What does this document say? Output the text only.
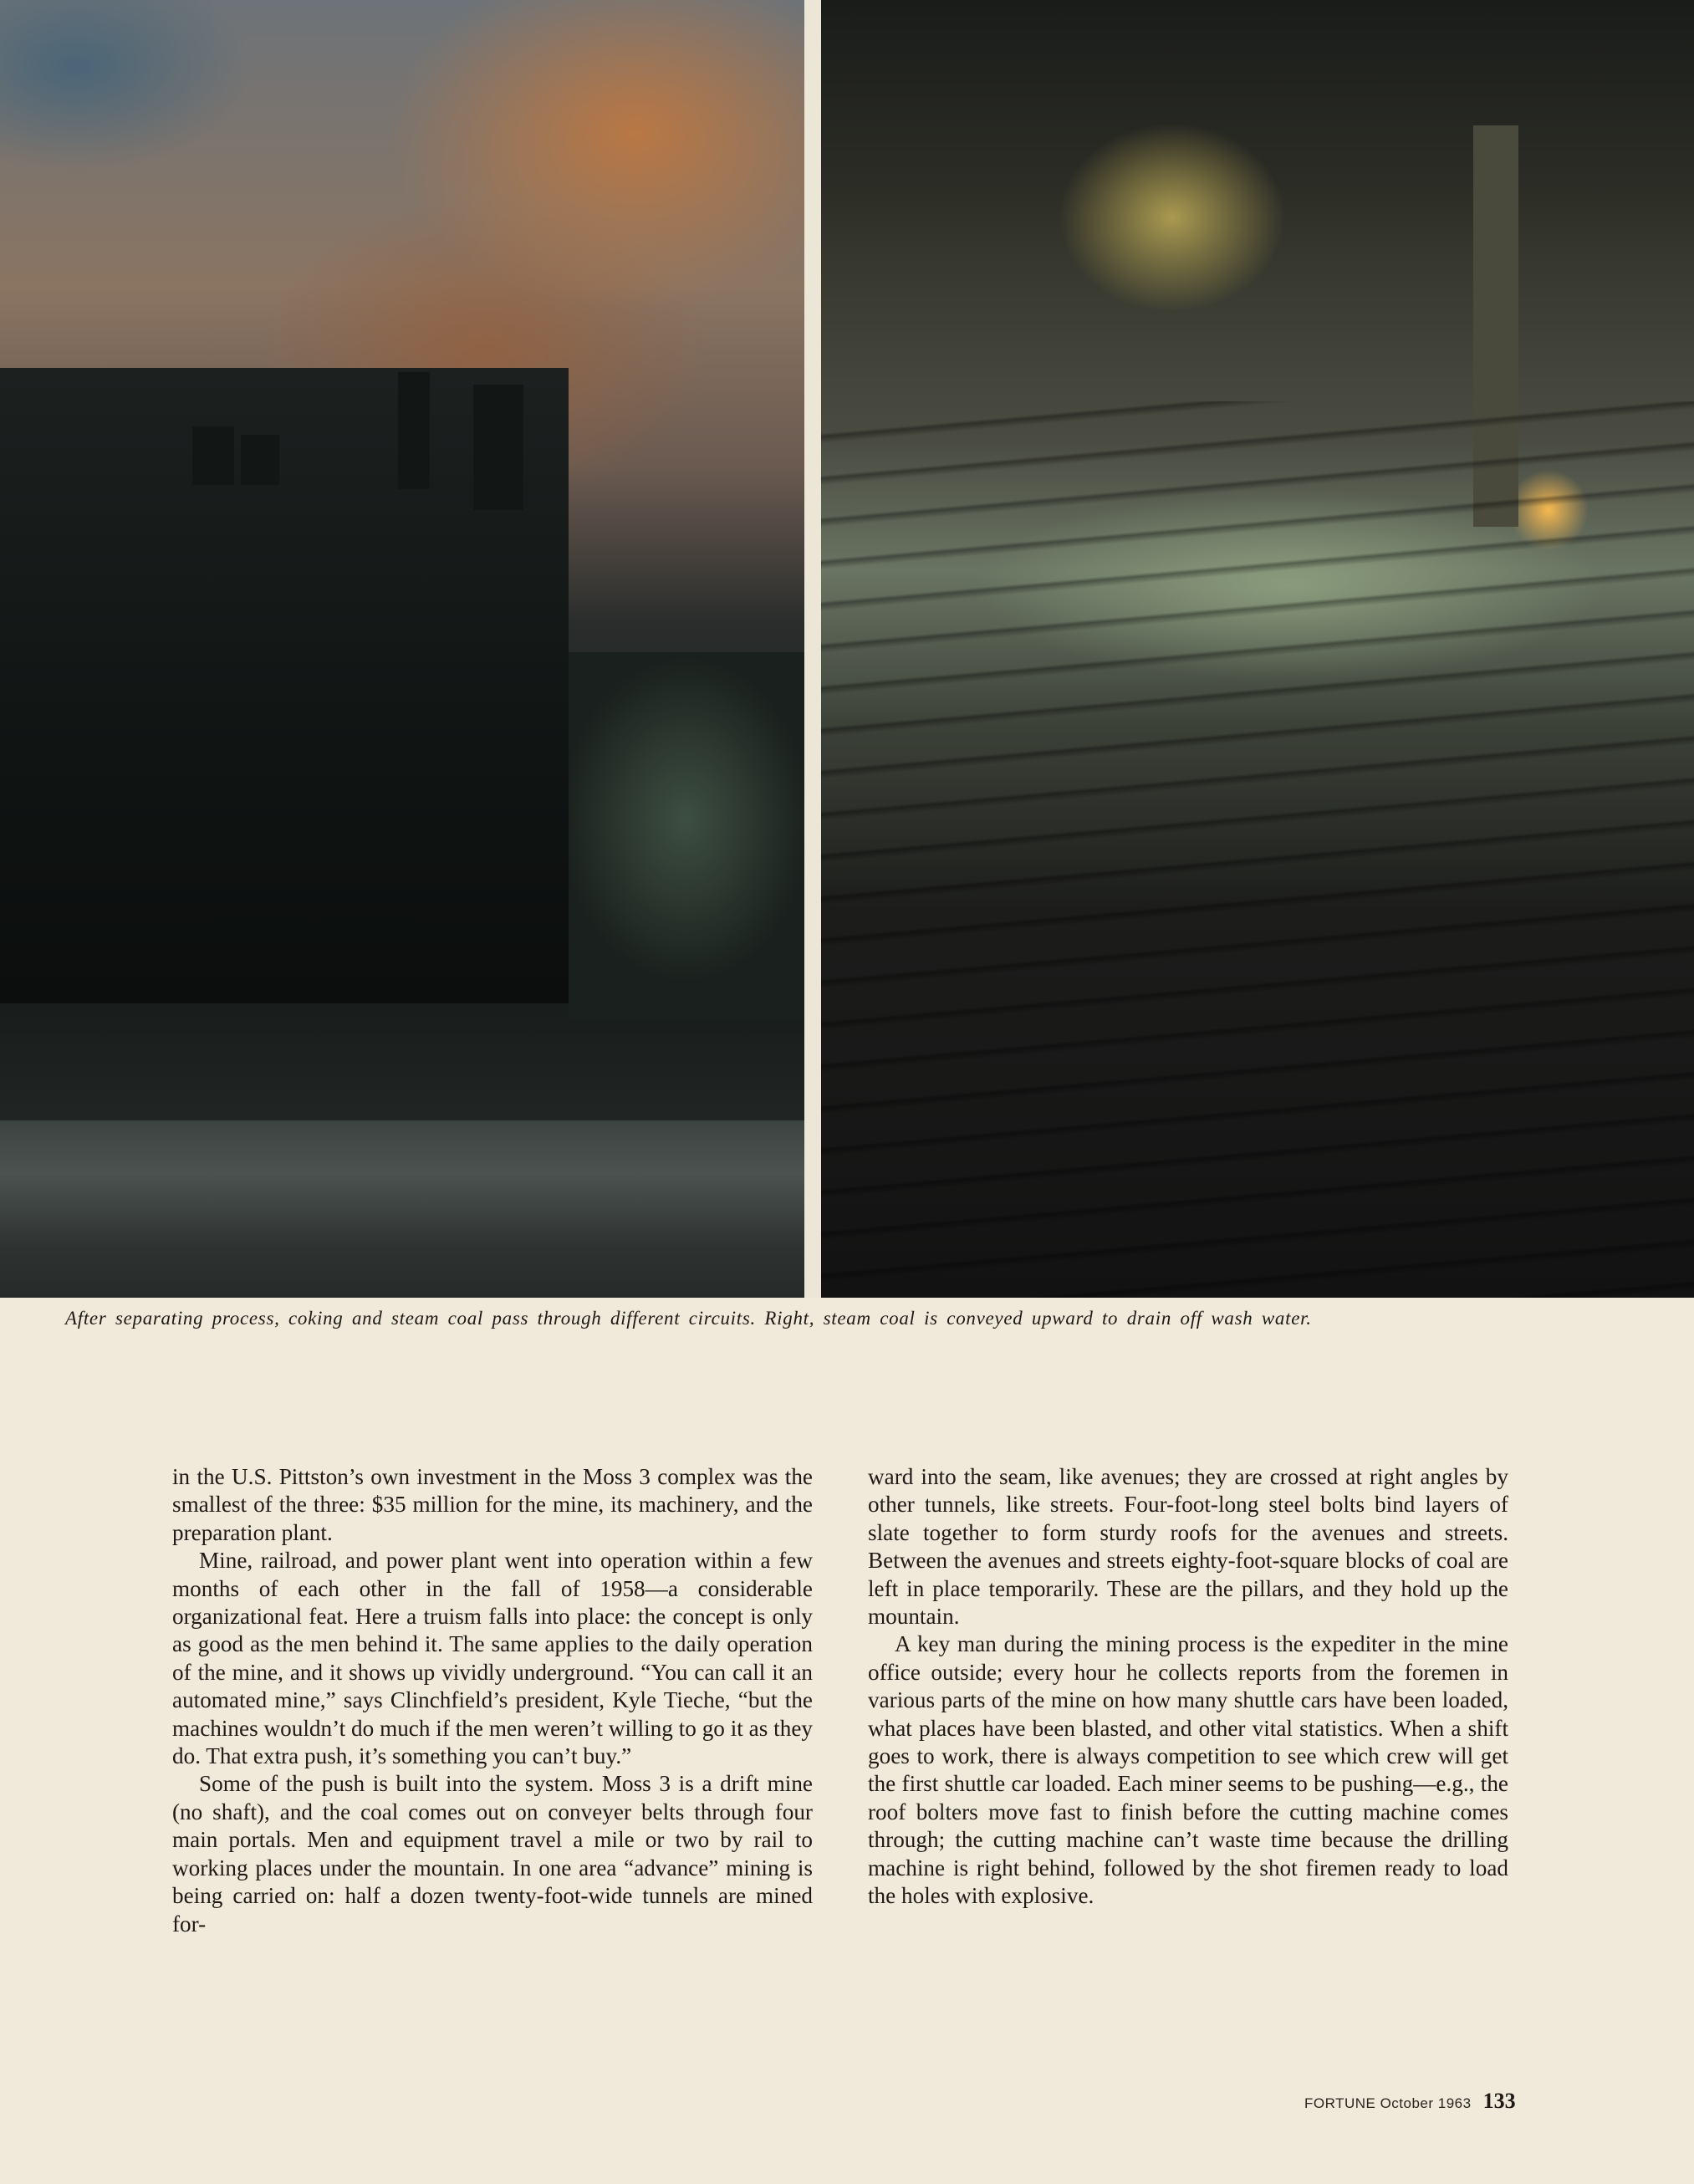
After separating process, coking and steam coal pass through different circuits. Right, steam coal is conveyed upward to drain off wash water.

in the U.S. Pittston’s own investment in the Moss 3 complex was the smallest of the three: $35 million for the mine, its machinery, and the preparation plant.

Mine, railroad, and power plant went into operation within a few months of each other in the fall of 1958—a considerable organizational feat. Here a truism falls into place: the concept is only as good as the men behind it. The same applies to the daily operation of the mine, and it shows up vividly underground. “You can call it an automated mine,” says Clinchfield’s president, Kyle Tieche, “but the machines wouldn’t do much if the men weren’t willing to go it as they do. That extra push, it’s something you can’t buy.”

Some of the push is built into the system. Moss 3 is a drift mine (no shaft), and the coal comes out on conveyer belts through four main portals. Men and equipment travel a mile or two by rail to working places under the mountain. In one area “advance” mining is being carried on: half a dozen twenty-foot-wide tunnels are mined for-

ward into the seam, like avenues; they are crossed at right angles by other tunnels, like streets. Four-foot-long steel bolts bind layers of slate together to form sturdy roofs for the avenues and streets. Between the avenues and streets eighty-foot-square blocks of coal are left in place temporarily. These are the pillars, and they hold up the mountain.

A key man during the mining process is the expediter in the mine office outside; every hour he collects reports from the foremen in various parts of the mine on how many shuttle cars have been loaded, what places have been blasted, and other vital statistics. When a shift goes to work, there is always competition to see which crew will get the first shuttle car loaded. Each miner seems to be pushing—e.g., the roof bolters move fast to finish before the cutting machine comes through; the cutting machine can’t waste time because the drilling machine is right behind, followed by the shot firemen ready to load the holes with explosive.

FORTUNE October 1963 133
